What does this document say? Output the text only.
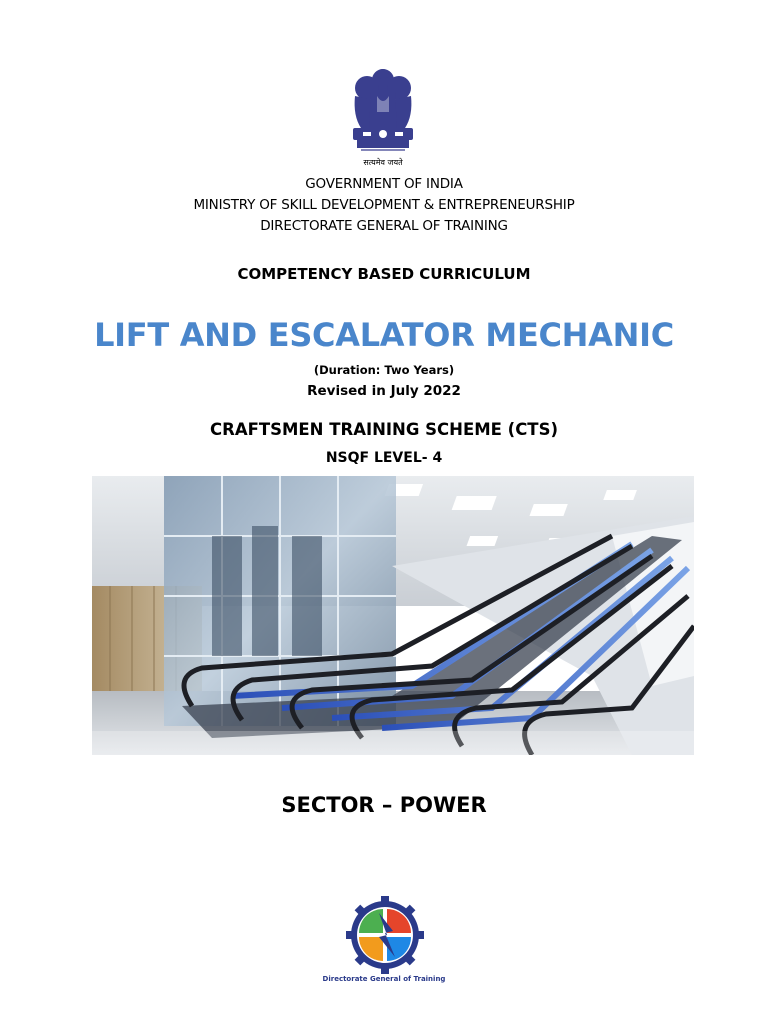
सत्यमेव जयते
GOVERNMENT OF INDIA
MINISTRY OF SKILL DEVELOPMENT & ENTREPRENEURSHIP
DIRECTORATE GENERAL OF TRAINING
COMPETENCY BASED CURRICULUM
LIFT AND ESCALATOR MECHANIC
(Duration: Two Years)
Revised in July 2022
CRAFTSMEN TRAINING SCHEME (CTS)
NSQF LEVEL- 4
SECTOR – POWER
Directorate General of Training
